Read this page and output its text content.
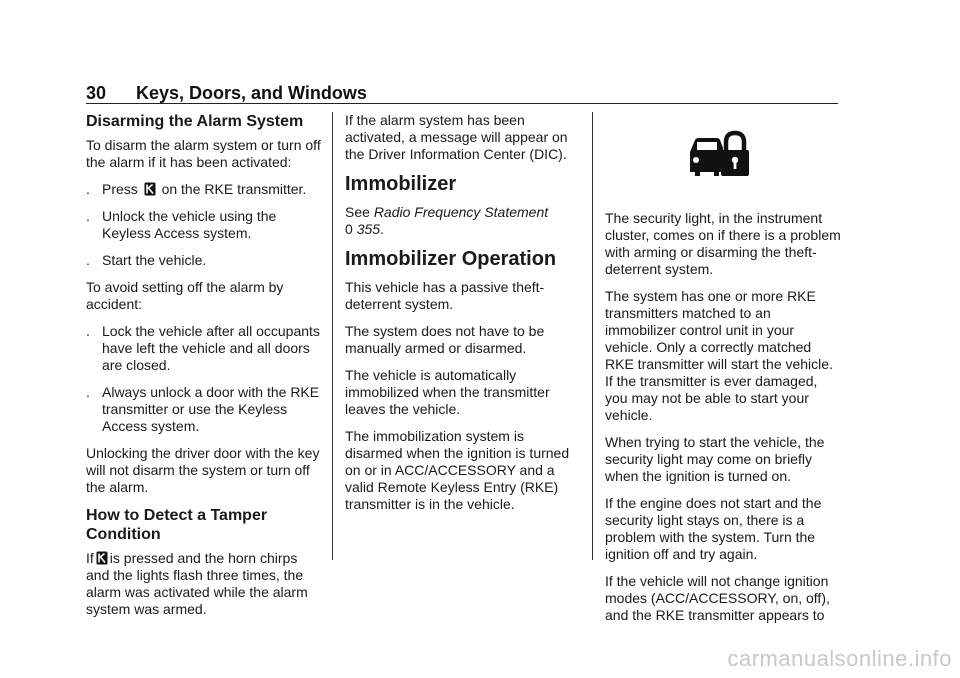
30 Keys, Doors, and Windows
Disarming the Alarm System

To disarm the alarm system or turn off the alarm if it has been activated:

. Press on the RKE transmitter.
. Unlock the vehicle using the Keyless Access system.
. Start the vehicle.

To avoid setting off the alarm by accident:

. Lock the vehicle after all occupants have left the vehicle and all doors are closed.
. Always unlock a door with the RKE transmitter or use the Keyless Access system.

Unlocking the driver door with the key will not disarm the system or turn off the alarm.

How to Detect a Tamper Condition

If is pressed and the horn chirps and the lights flash three times, the alarm was activated while the alarm system was armed.

If the alarm system has been activated, a message will appear on the Driver Information Center (DIC).

Immobilizer

See Radio Frequency Statement
0 355.

Immobilizer Operation

This vehicle has a passive theft-deterrent system.

The system does not have to be manually armed or disarmed.

The vehicle is automatically immobilized when the transmitter leaves the vehicle.

The immobilization system is disarmed when the ignition is turned on or in ACC/ACCESSORY and a valid Remote Keyless Entry (RKE) transmitter is in the vehicle.

The security light, in the instrument cluster, comes on if there is a problem with arming or disarming the theft-deterrent system.

The system has one or more RKE transmitters matched to an immobilizer control unit in your vehicle. Only a correctly matched RKE transmitter will start the vehicle. If the transmitter is ever damaged, you may not be able to start your vehicle.

When trying to start the vehicle, the security light may come on briefly when the ignition is turned on.

If the engine does not start and the security light stays on, there is a problem with the system. Turn the ignition off and try again.

If the vehicle will not change ignition modes (ACC/ACCESSORY, on, off), and the RKE transmitter appears to

carmanualsonline.info
